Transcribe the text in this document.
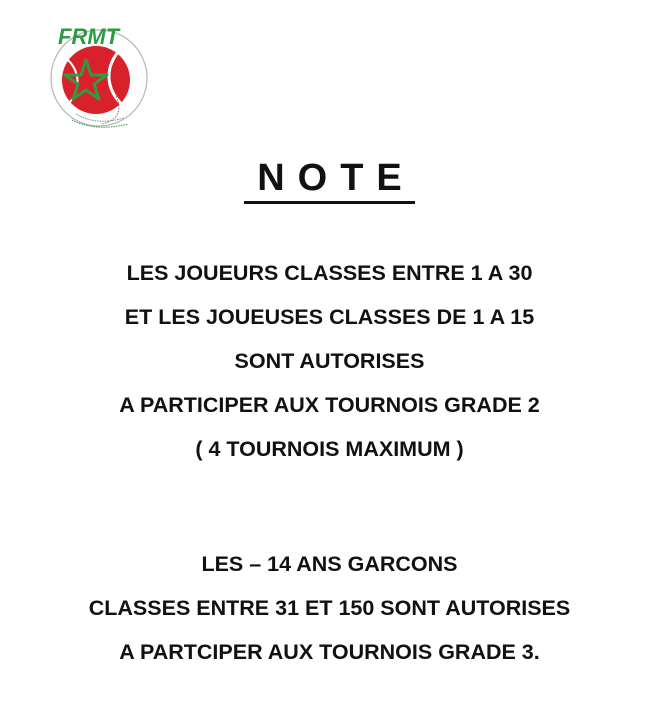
FRMT
NOTE
LES JOUEURS CLASSES ENTRE 1 A 30
ET LES JOUEUSES CLASSES DE 1 A 15
SONT AUTORISES
A PARTICIPER AUX TOURNOIS GRADE 2
( 4 TOURNOIS MAXIMUM )
LES – 14 ANS GARCONS
CLASSES ENTRE 31 ET 150 SONT AUTORISES
A PARTCIPER AUX TOURNOIS GRADE 3.
